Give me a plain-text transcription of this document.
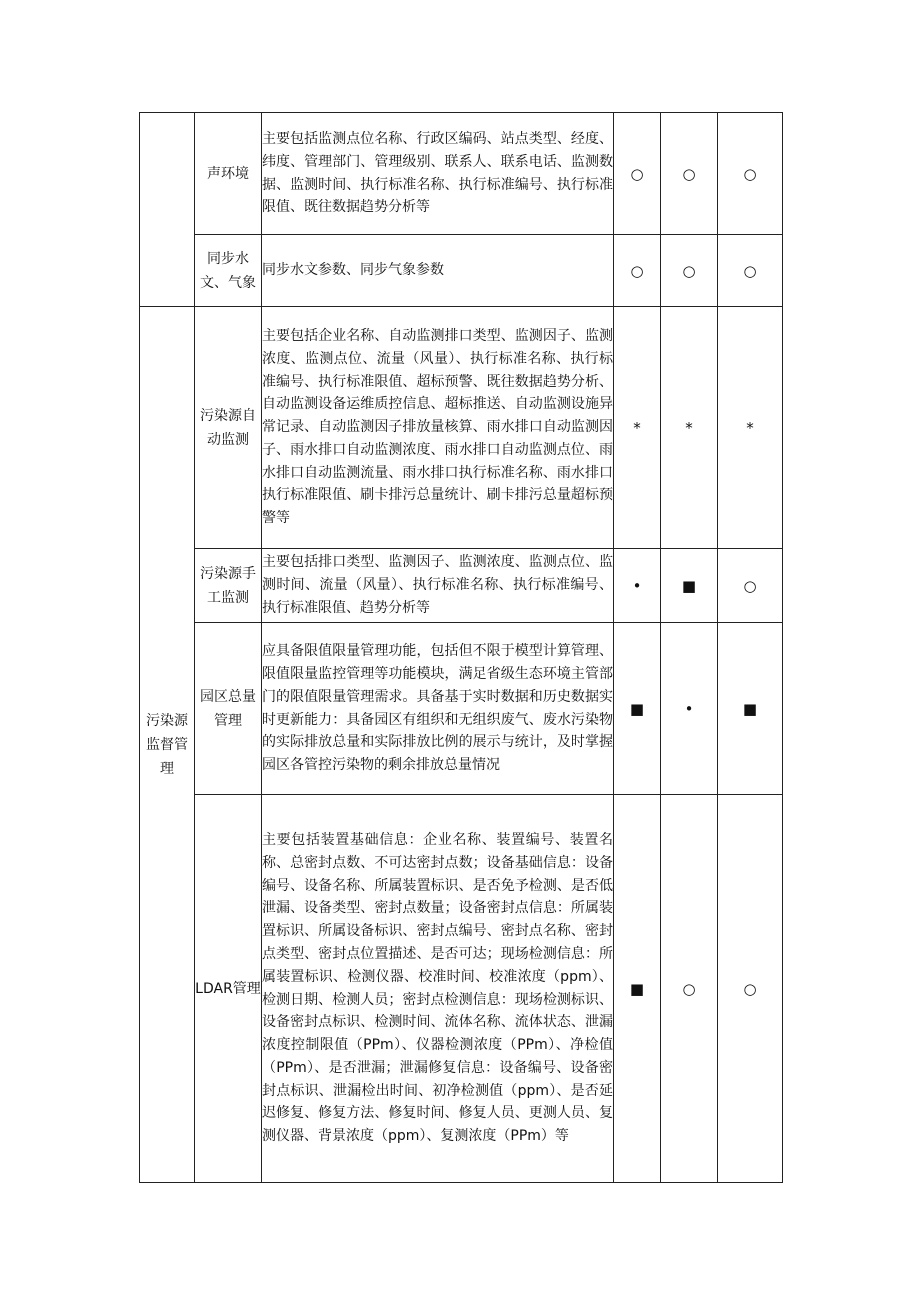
	声环境	主要包括监测点位名称、行政区编码、站点类型、经度、纬度、管理部门、管理级别、联系人、联系电话、监测数据、监测时间、执行标准名称、执行标准编号、执行标准限值、既往数据趋势分析等	○	○	○
	同步水文、气象	同步水文参数、同步气象参数	○	○	○
污染源监督管理	污染源自动监测	主要包括企业名称、自动监测排口类型、监测因子、监测浓度、监测点位、流量（风量）、执行标准名称、执行标准编号、执行标准限值、超标预警、既往数据趋势分析、自动监测设备运维质控信息、超标推送、自动监测设施异常记录、自动监测因子排放量核算、雨水排口自动监测因子、雨水排口自动监测浓度、雨水排口自动监测点位、雨水排口自动监测流量、雨水排口执行标准名称、雨水排口执行标准限值、刷卡排污总量统计、刷卡排污总量超标预警等	*	*	*
	污染源手工监测	主要包括排口类型、监测因子、监测浓度、监测点位、监测时间、流量（风量）、执行标准名称、执行标准编号、执行标准限值、趋势分析等	•	■	○
	园区总量管理	应具备限值限量管理功能，包括但不限于模型计算管理、限值限量监控管理等功能模块，满足省级生态环境主管部门的限值限量管理需求。具备基于实时数据和历史数据实时更新能力：具备园区有组织和无组织废气、废水污染物的实际排放总量和实际排放比例的展示与统计，及时掌握园区各管控污染物的剩余排放总量情况	■	•	■
	LDAR管理	主要包括装置基础信息：企业名称、装置编号、装置名称、总密封点数、不可达密封点数；设备基础信息：设备编号、设备名称、所属装置标识、是否免予检测、是否低泄漏、设备类型、密封点数量；设备密封点信息：所属装置标识、所属设备标识、密封点编号、密封点名称、密封点类型、密封点位置描述、是否可达；现场检测信息：所属装置标识、检测仪器、校准时间、校准浓度（ppm）、检测日期、检测人员；密封点检测信息：现场检测标识、设备密封点标识、检测时间、流体名称、流体状态、泄漏浓度控制限值（PPm）、仪器检测浓度（PPm）、净检值（PPm）、是否泄漏；泄漏修复信息：设备编号、设备密封点标识、泄漏检出时间、初净检测值（ppm）、是否延迟修复、修复方法、修复时间、修复人员、更测人员、复测仪器、背景浓度（ppm）、复测浓度（PPm）等	■	○	○
